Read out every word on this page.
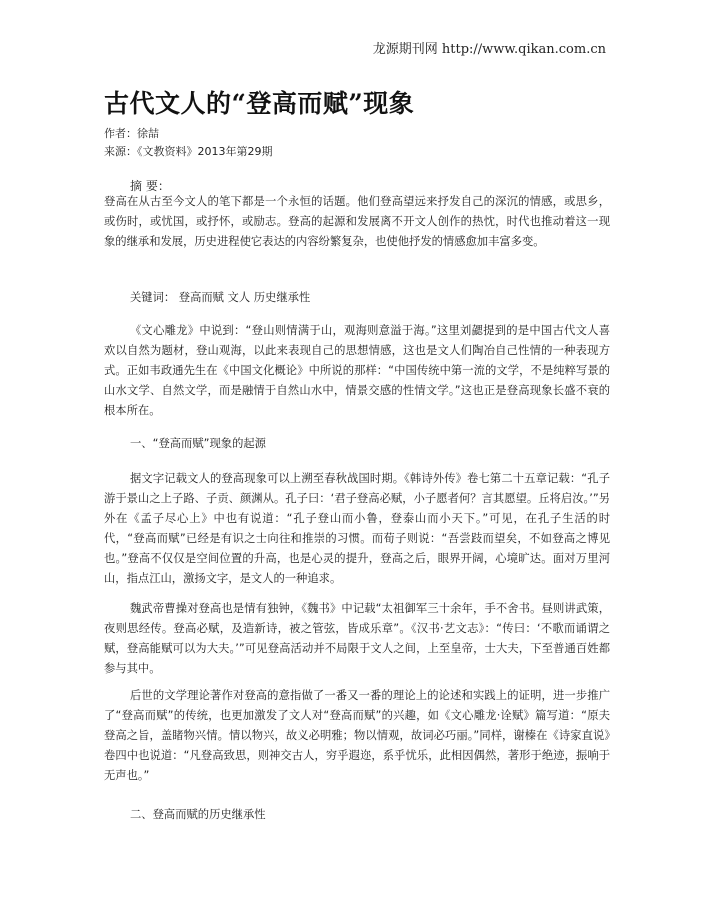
龙源期刊网 http://www.qikan.com.cn
古代文人的“登高而赋”现象
作者：徐喆
来源：《文教资料》2013年第29期
摘 要：
登高在从古至今文人的笔下都是一个永恒的话题。他们登高望远来抒发自己的深沉的情感，或思乡，或伤时，或忧国，或抒怀，或励志。登高的起源和发展离不开文人创作的热忱，时代也推动着这一现象的继承和发展，历史进程使它表达的内容纷繁复杂，也使他抒发的情感愈加丰富多变。
关键词： 登高而赋 文人 历史继承性
《文心雕龙》中说到：“登山则情满于山，观海则意溢于海。”这里刘勰提到的是中国古代文人喜欢以自然为题材，登山观海，以此来表现自己的思想情感，这也是文人们陶冶自己性情的一种表现方式。正如韦政通先生在《中国文化概论》中所说的那样：“中国传统中第一流的文学，不是纯粹写景的山水文学、自然文学，而是融情于自然山水中，情景交感的性情文学。”这也正是登高现象长盛不衰的根本所在。
一、“登高而赋”现象的起源
据文字记载文人的登高现象可以上溯至春秋战国时期。《韩诗外传》卷七第二十五章记载：“孔子游于景山之上子路、子贡、颜渊从。孔子曰：‘君子登高必赋，小子愿者何？言其愿望。丘将启汝。’”另外在《孟子尽心上》中也有说道：“孔子登山而小鲁，登泰山而小天下。”可见，在孔子生活的时代，“登高而赋”已经是有识之士向往和推崇的习惯。而荀子则说：“吾尝跂而望矣，不如登高之博见也。”登高不仅仅是空间位置的升高，也是心灵的提升，登高之后，眼界开阔，心境旷达。面对万里河山，指点江山，激扬文字，是文人的一种追求。
魏武帝曹操对登高也是情有独钟，《魏书》中记载“太祖御军三十余年，手不舍书。昼则讲武策，夜则思经传。登高必赋，及造新诗，被之管弦，皆成乐章”。《汉书·艺文志》：“传曰：‘不歌而诵谓之赋，登高能赋可以为大夫。’”可见登高活动并不局限于文人之间，上至皇帝，士大夫，下至普通百姓都参与其中。
后世的文学理论著作对登高的意指做了一番又一番的理论上的论述和实践上的证明，进一步推广了“登高而赋”的传统，也更加激发了文人对“登高而赋”的兴趣，如《文心雕龙·诠赋》篇写道：“原夫登高之旨，盖睹物兴情。情以物兴，故义必明雅；物以情观，故词必巧丽。”同样，谢榛在《诗家直说》卷四中也说道：“凡登高致思，则神交古人，穷乎遐迩，系乎忧乐，此相因偶然，著形于绝迹，振响于无声也。”
二、登高而赋的历史继承性
